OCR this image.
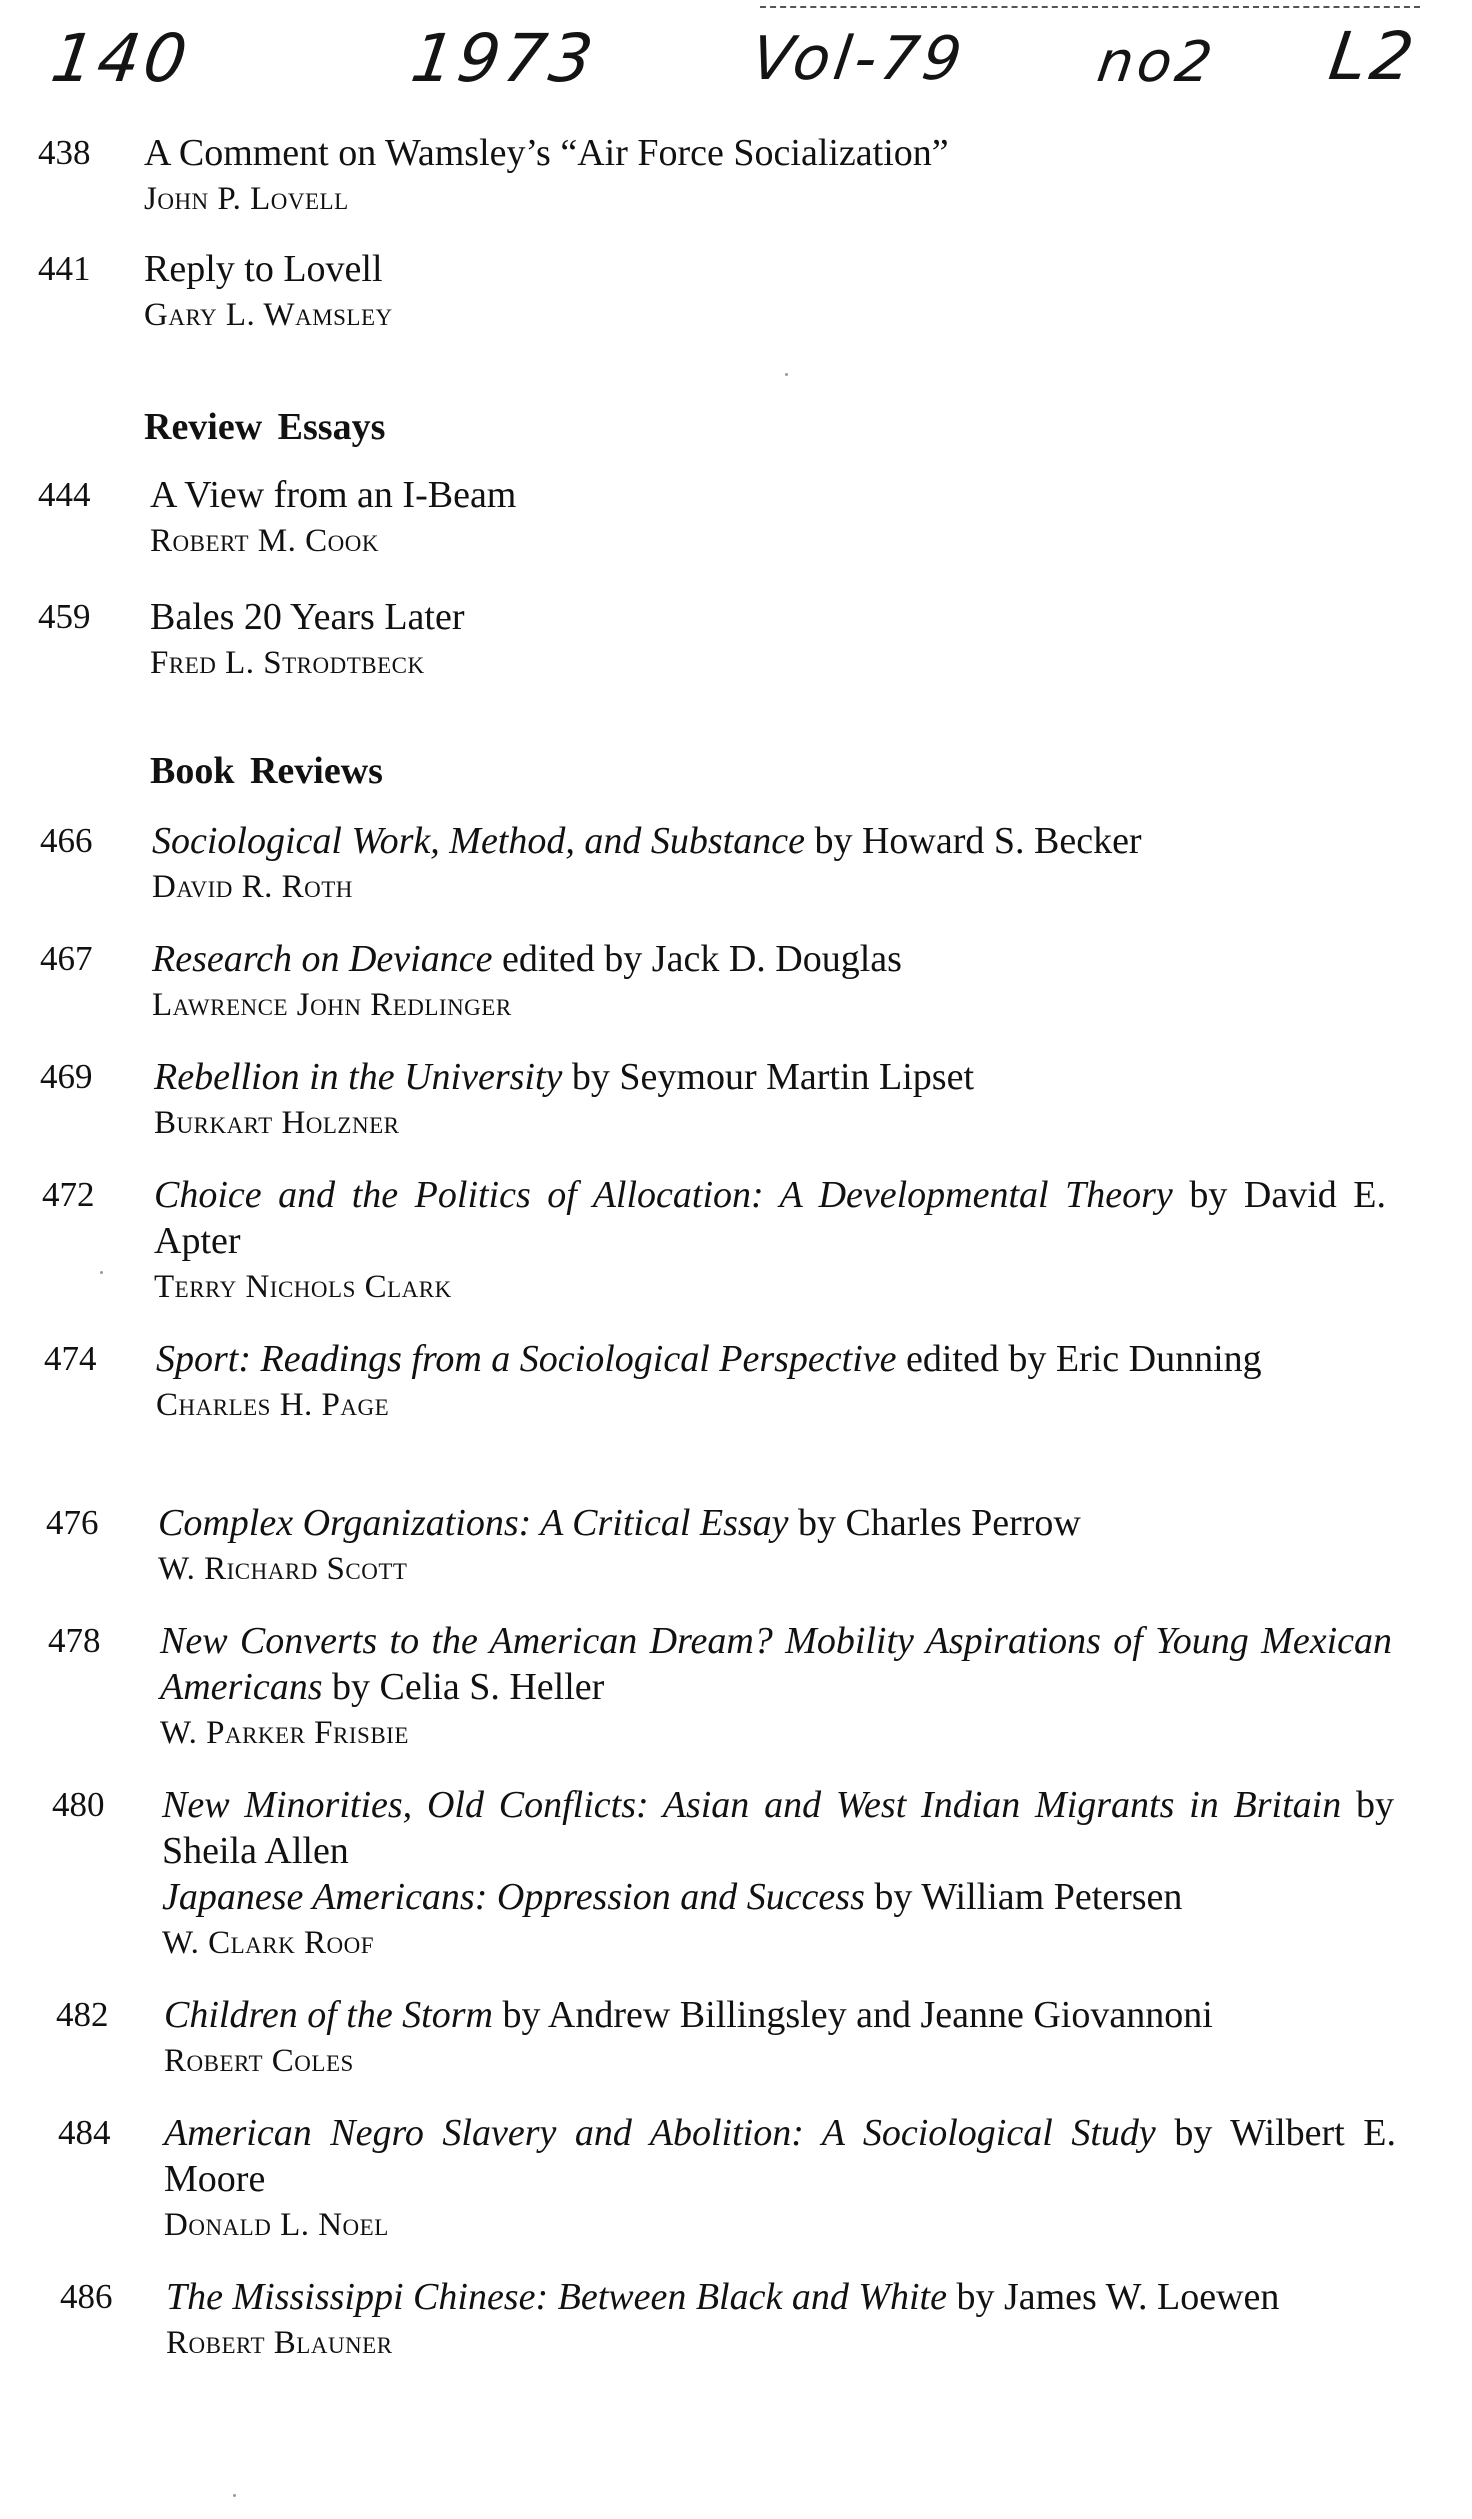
140	1973 Vol-79 no2 L2
438	A Comment on Wamsley’s “Air Force Socialization”
John P. Lovell
441	Reply to Lovell
Gary L. Wamsley
Review Essays
444	A View from an I-Beam
Robert M. Cook
459	Bales 20 Years Later
Fred L. Strodtbeck
Book Reviews
466	Sociological Work, Method, and Substance by Howard S. Becker
David R. Roth
467	Research on Deviance edited by Jack D. Douglas
Lawrence John Redlinger
469	Rebellion in the University by Seymour Martin Lipset
Burkart Holzner
472	Choice and the Politics of Allocation: A Developmental Theory by David E. Apter
Terry Nichols Clark
474	Sport: Readings from a Sociological Perspective edited by Eric Dunning
Charles H. Page
476	Complex Organizations: A Critical Essay by Charles Perrow
W. Richard Scott
478	New Converts to the American Dream? Mobility Aspirations of Young Mexican Americans by Celia S. Heller
W. Parker Frisbie
480	New Minorities, Old Conflicts: Asian and West Indian Migrants in Britain by Sheila Allen
Japanese Americans: Oppression and Success by William Petersen
W. Clark Roof
482	Children of the Storm by Andrew Billingsley and Jeanne Giovannoni
Robert Coles
484	American Negro Slavery and Abolition: A Sociological Study by Wilbert E. Moore
Donald L. Noel
486	The Mississippi Chinese: Between Black and White by James W. Loewen
Robert Blauner
